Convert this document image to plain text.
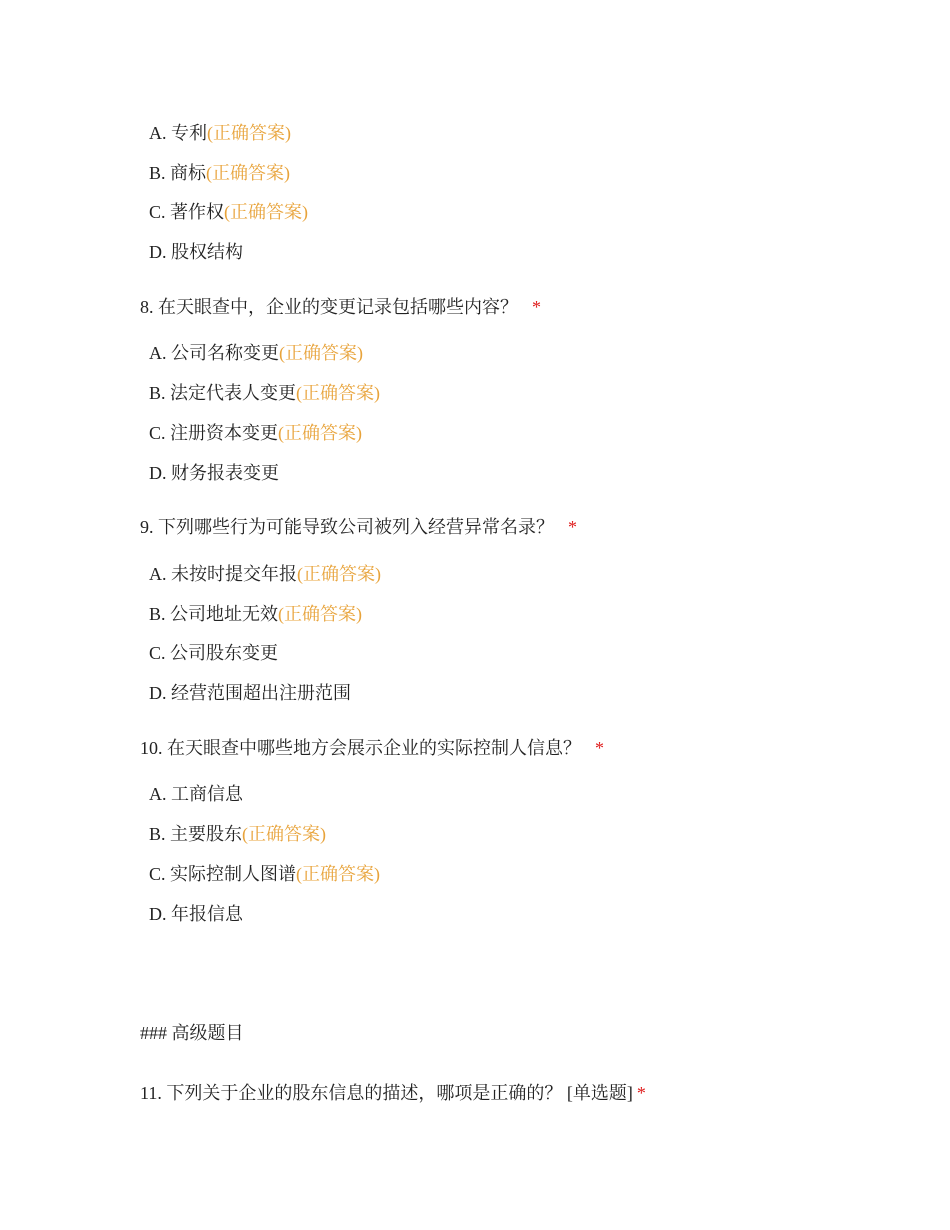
A. 专利(正确答案)
B. 商标(正确答案)
C. 著作权(正确答案)
D. 股权结构
8. 在天眼查中，企业的变更记录包括哪些内容？ *
A. 公司名称变更(正确答案)
B. 法定代表人变更(正确答案)
C. 注册资本变更(正确答案)
D. 财务报表变更
9. 下列哪些行为可能导致公司被列入经营异常名录？ *
A. 未按时提交年报(正确答案)
B. 公司地址无效(正确答案)
C. 公司股东变更
D. 经营范围超出注册范围
10. 在天眼查中哪些地方会展示企业的实际控制人信息？ *
A. 工商信息
B. 主要股东(正确答案)
C. 实际控制人图谱(正确答案)
D. 年报信息
### 高级题目
11. 下列关于企业的股东信息的描述，哪项是正确的？ [单选题] *
